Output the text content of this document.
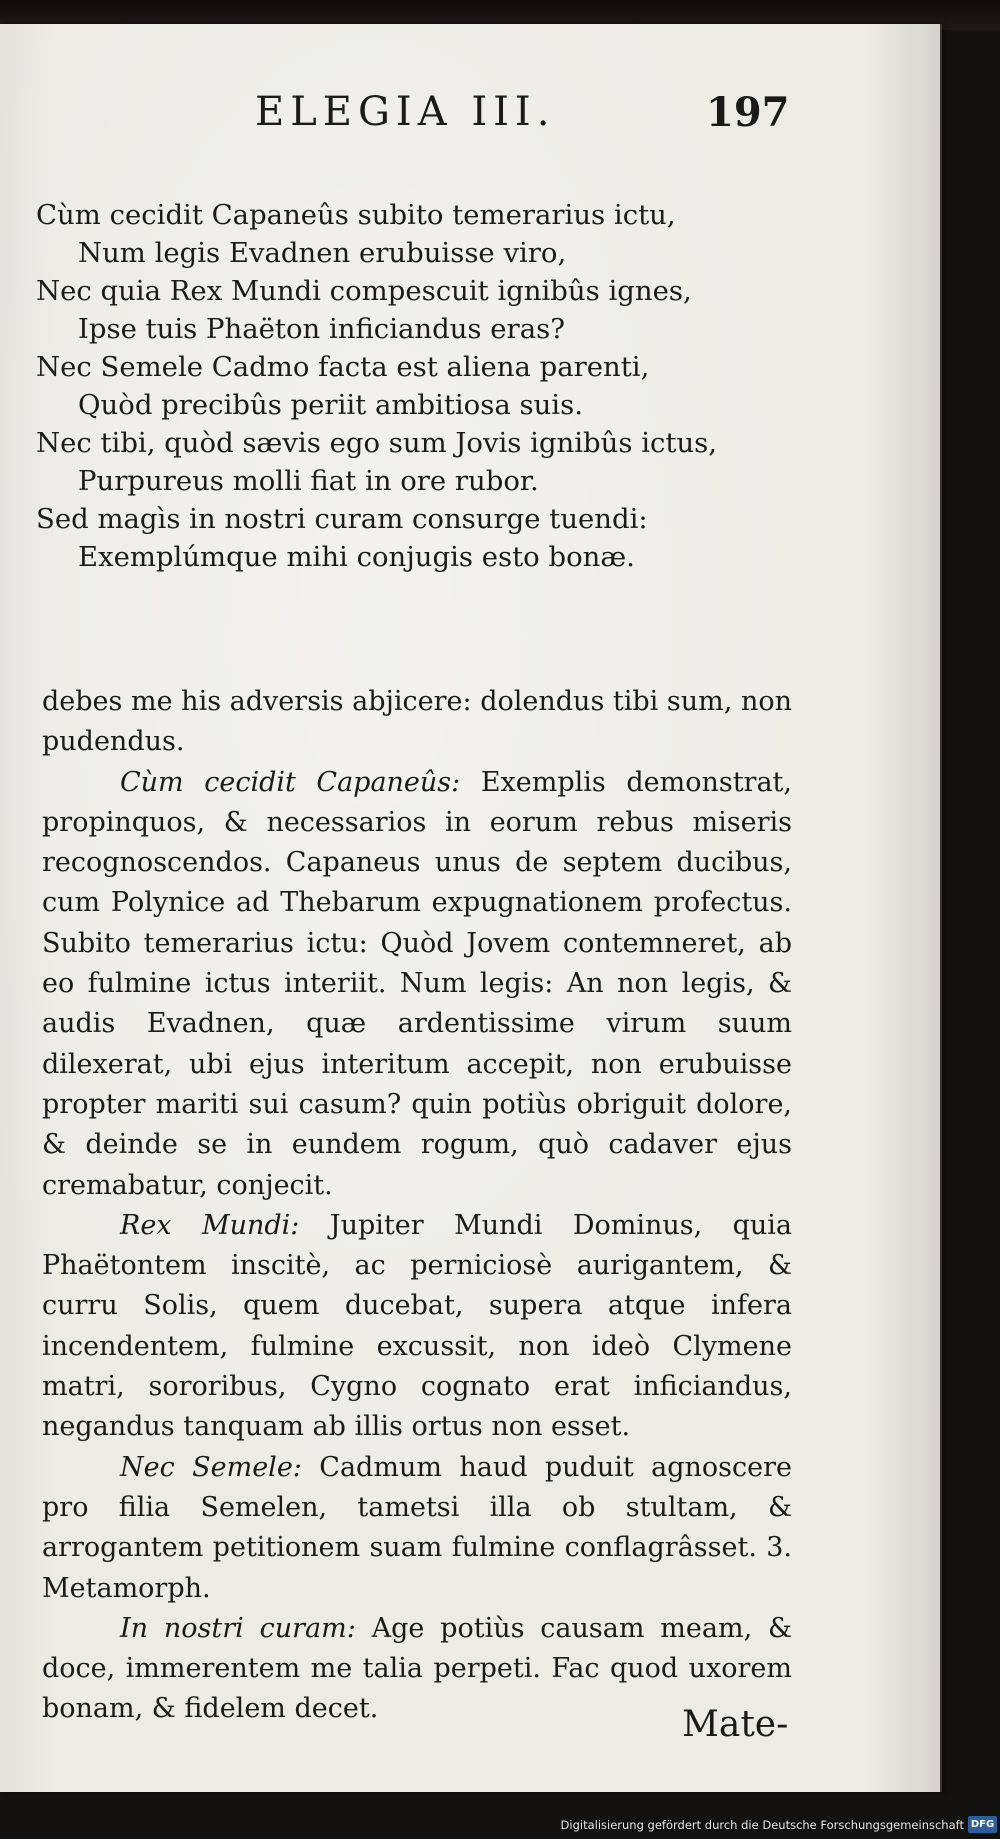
ELEGIA III.	197
Cùm cecidit Capaneûs subito temerarius ictu,
Num legis Evadnen erubuisse viro,
Nec quia Rex Mundi compescuit ignibûs ignes,
Ipse tuis Phaëton inficiandus eras?
Nec Semele Cadmo facta est aliena parenti,
Quòd precibûs periit ambitiosa suis.
Nec tibi, quòd sævis ego sum Jovis ignibûs ictus,
Purpureus molli fiat in ore rubor.
Sed magìs in nostri curam consurge tuendi:
Exemplúmque mihi conjugis esto bonæ.

debes me his adversis abjicere: dolendus tibi sum, non pudendus.

Cùm cecidit Capaneûs: Exemplis demonstrat, propinquos, & necessarios in eorum rebus miseris recognoscendos. Capaneus unus de septem ducibus, cum Polynice ad Thebarum expugnationem profectus. Subito temerarius ictu: Quòd Jovem contemneret, ab eo fulmine ictus interiit. Num legis: An non legis, & audis Evadnen, quæ ardentissime virum suum dilexerat, ubi ejus interitum accepit, non erubuisse propter mariti sui casum? quin potiùs obriguit dolore, & deinde se in eundem rogum, quò cadaver ejus cremabatur, conjecit.

Rex Mundi: Jupiter Mundi Dominus, quia Phaëtontem inscitè, ac perniciosè aurigantem, & curru Solis, quem ducebat, supera atque infera incendentem, fulmine excussit, non ideò Clymene matri, sororibus, Cygno cognato erat inficiandus, negandus tanquam ab illis ortus non esset.

Nec Semele: Cadmum haud puduit agnoscere pro filia Semelen, tametsi illa ob stultam, & arrogantem petitionem suam fulmine conflagrâsset. 3. Metamorph.

In nostri curam: Age potiùs causam meam, & doce, immerentem me talia perpeti. Fac quod uxorem bonam, & fidelem decet.	Mate-
Digitalisierung gefördert durch die Deutsche Forschungsgemeinschaft DFG
